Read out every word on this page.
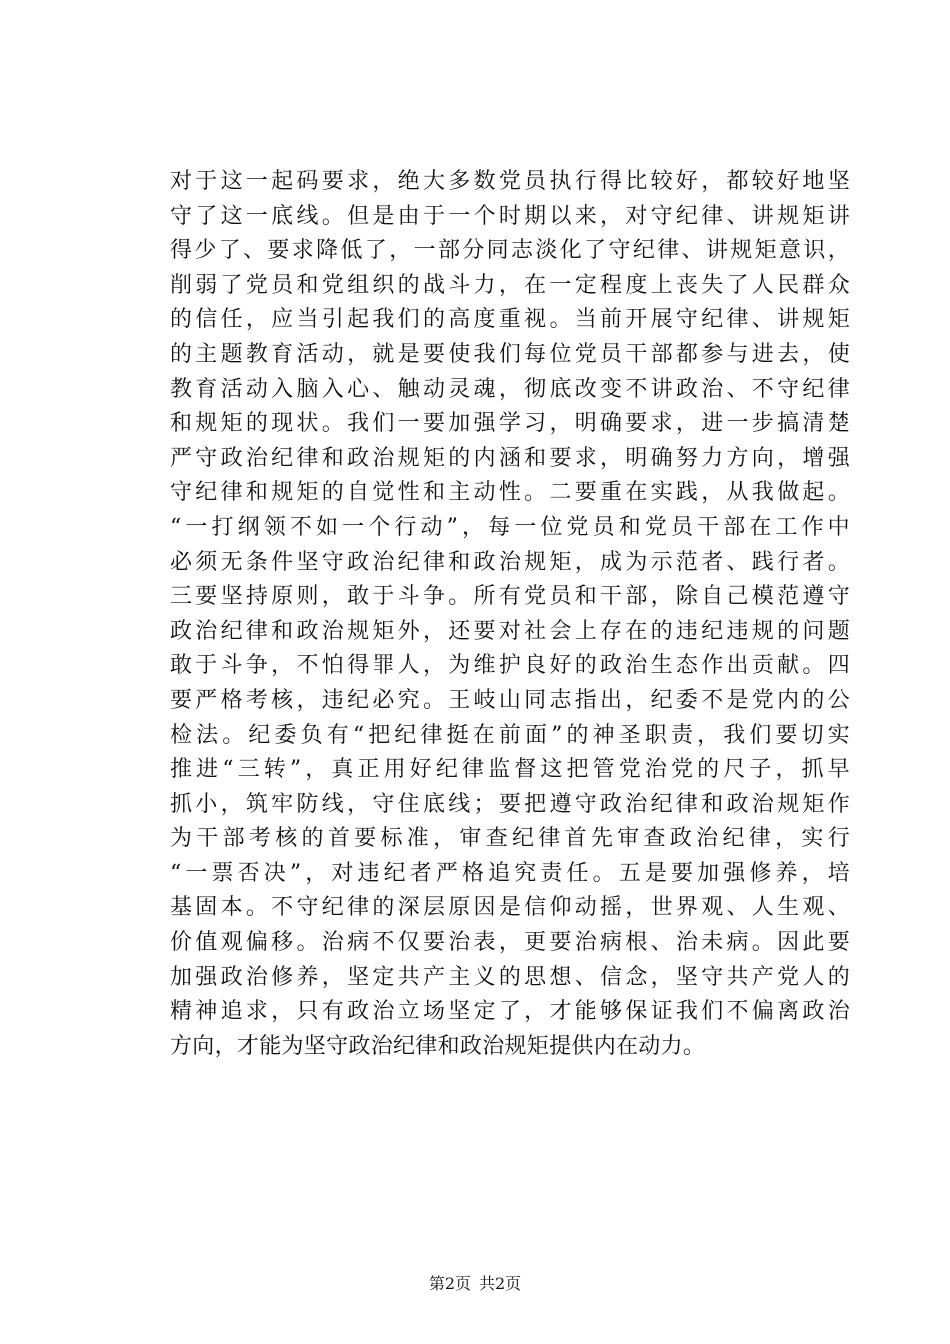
对于这一起码要求，绝大多数党员执行得比较好，都较好地坚
守了这一底线。但是由于一个时期以来，对守纪律、讲规矩讲
得少了、要求降低了，一部分同志淡化了守纪律、讲规矩意识，
削弱了党员和党组织的战斗力，在一定程度上丧失了人民群众
的信任，应当引起我们的高度重视。当前开展守纪律、讲规矩
的主题教育活动，就是要使我们每位党员干部都参与进去，使
教育活动入脑入心、触动灵魂，彻底改变不讲政治、不守纪律
和规矩的现状。我们一要加强学习，明确要求，进一步搞清楚
严守政治纪律和政治规矩的内涵和要求，明确努力方向，增强
守纪律和规矩的自觉性和主动性。二要重在实践，从我做起。
“一打纲领不如一个行动”，每一位党员和党员干部在工作中
必须无条件坚守政治纪律和政治规矩，成为示范者、践行者。
三要坚持原则，敢于斗争。所有党员和干部，除自己模范遵守
政治纪律和政治规矩外，还要对社会上存在的违纪违规的问题
敢于斗争，不怕得罪人，为维护良好的政治生态作出贡献。四
要严格考核，违纪必究。王岐山同志指出，纪委不是党内的公
检法。纪委负有“把纪律挺在前面”的神圣职责，我们要切实
推进“三转”，真正用好纪律监督这把管党治党的尺子，抓早
抓小，筑牢防线，守住底线；要把遵守政治纪律和政治规矩作
为干部考核的首要标准，审查纪律首先审查政治纪律，实行
“一票否决”，对违纪者严格追究责任。五是要加强修养，培
基固本。不守纪律的深层原因是信仰动摇，世界观、人生观、
价值观偏移。治病不仅要治表，更要治病根、治未病。因此要
加强政治修养，坚定共产主义的思想、信念，坚守共产党人的
精神追求，只有政治立场坚定了，才能够保证我们不偏离政治
方向，才能为坚守政治纪律和政治规矩提供内在动力。
第2页 共2页
